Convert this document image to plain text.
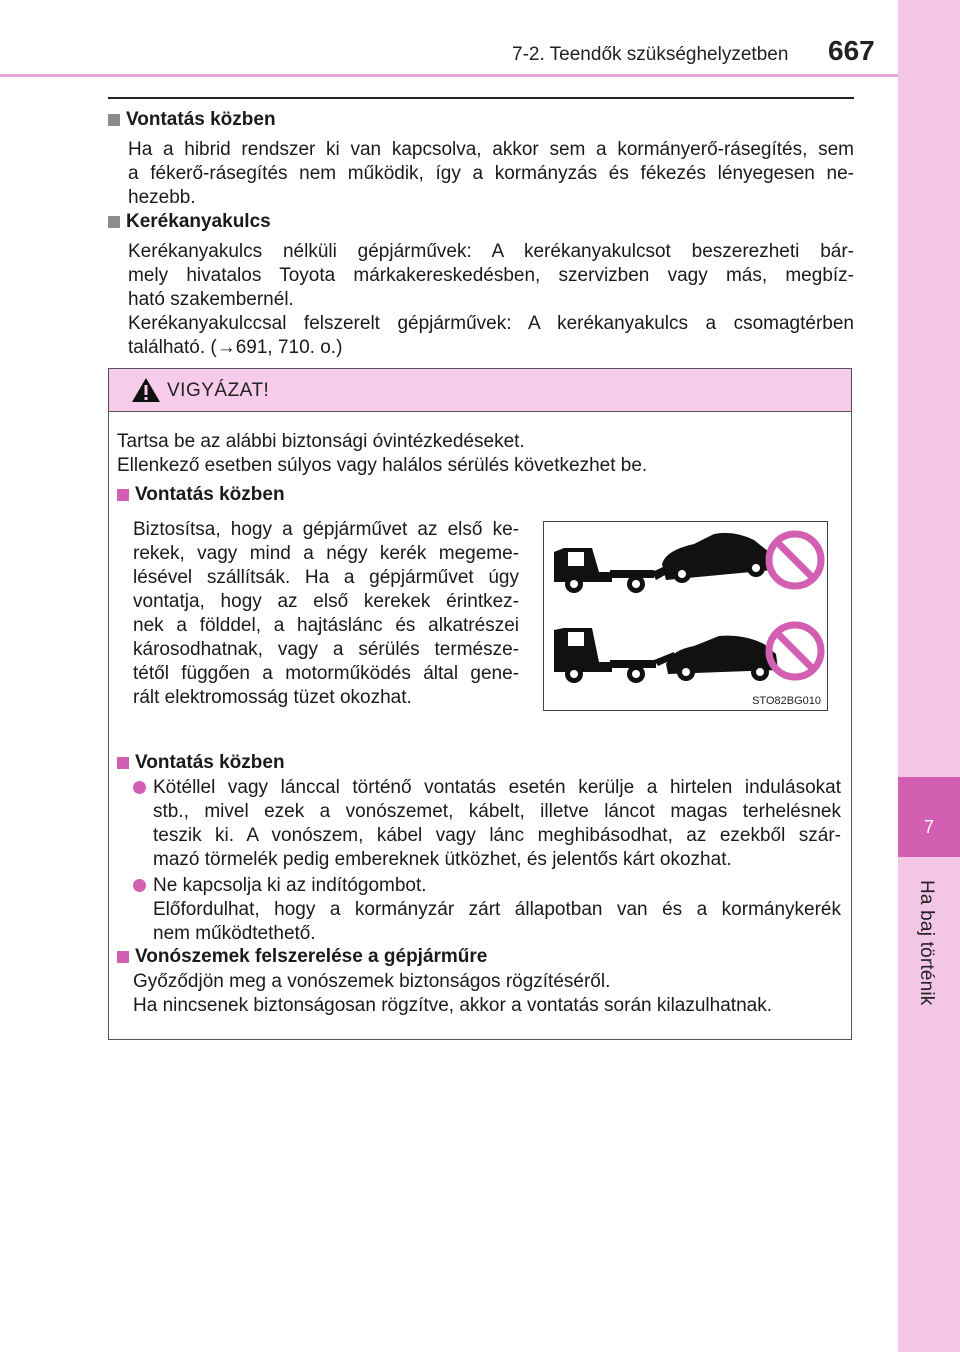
7-2. Teendők szükséghelyzetben 667
7
Ha baj történik
Vontatás közben
Ha a hibrid rendszer ki van kapcsolva, akkor sem a kormányerő-rásegítés, sem
a fékerő-rásegítés nem működik, így a kormányzás és fékezés lényegesen ne-
hezebb.
Kerékanyakulcs
Kerékanyakulcs nélküli gépjárművek: A kerékanyakulcsot beszerezheti bár-
mely hivatalos Toyota márkakereskedésben, szervizben vagy más, megbíz-
ható szakembernél.
Kerékanyakulccsal felszerelt gépjárművek: A kerékanyakulcs a csomagtérben
található. (→691, 710. o.)
VIGYÁZAT!
Tartsa be az alábbi biztonsági óvintézkedéseket.
Ellenkező esetben súlyos vagy halálos sérülés következhet be.
Vontatás közben
Biztosítsa, hogy a gépjárművet az első ke-
rekek, vagy mind a négy kerék megeme-
lésével szállítsák. Ha a gépjárművet úgy
vontatja, hogy az első kerekek érintkez-
nek a földdel, a hajtáslánc és alkatrészei
károsodhatnak, vagy a sérülés természe-
tétől függően a motorműködés által gene-
rált elektromosság tüzet okozhat.	STO82BG010
Vontatás közben
Kötéllel vagy lánccal történő vontatás esetén kerülje a hirtelen indulásokat
stb., mivel ezek a vonószemet, kábelt, illetve láncot magas terhelésnek
teszik ki. A vonószem, kábel vagy lánc meghibásodhat, az ezekből szár-
mazó törmelék pedig embereknek ütközhet, és jelentős kárt okozhat.
Ne kapcsolja ki az indítógombot.
Előfordulhat, hogy a kormányzár zárt állapotban van és a kormánykerék
nem működtethető.
Vonószemek felszerelése a gépjárműre
Győződjön meg a vonószemek biztonságos rögzítéséről.
Ha nincsenek biztonságosan rögzítve, akkor a vontatás során kilazulhatnak.
